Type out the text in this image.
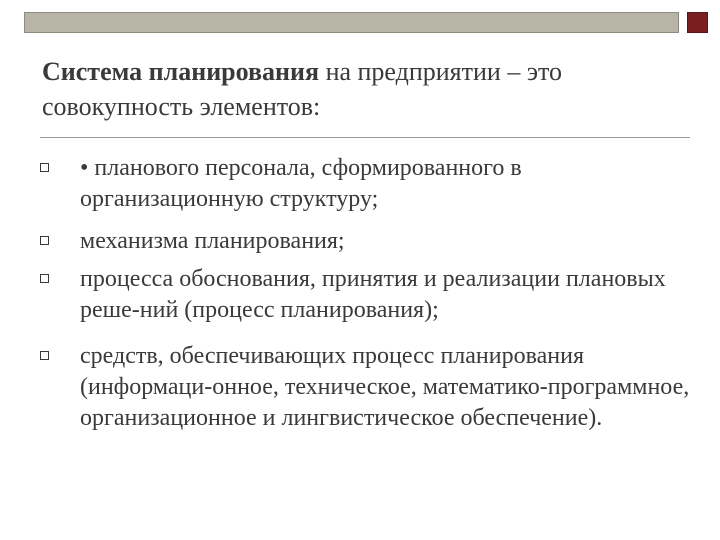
Система планирования на предприятии – это совокупность элементов:
• планового персонала, сформированного в организационную структуру;
механизма планирования;
процесса обоснования, принятия и реализации плановых реше-ний (процесс планирования);
средств, обеспечивающих процесс планирования (информаци-онное, техническое, математико-программное, организационное и лингвистическое обеспечение).
